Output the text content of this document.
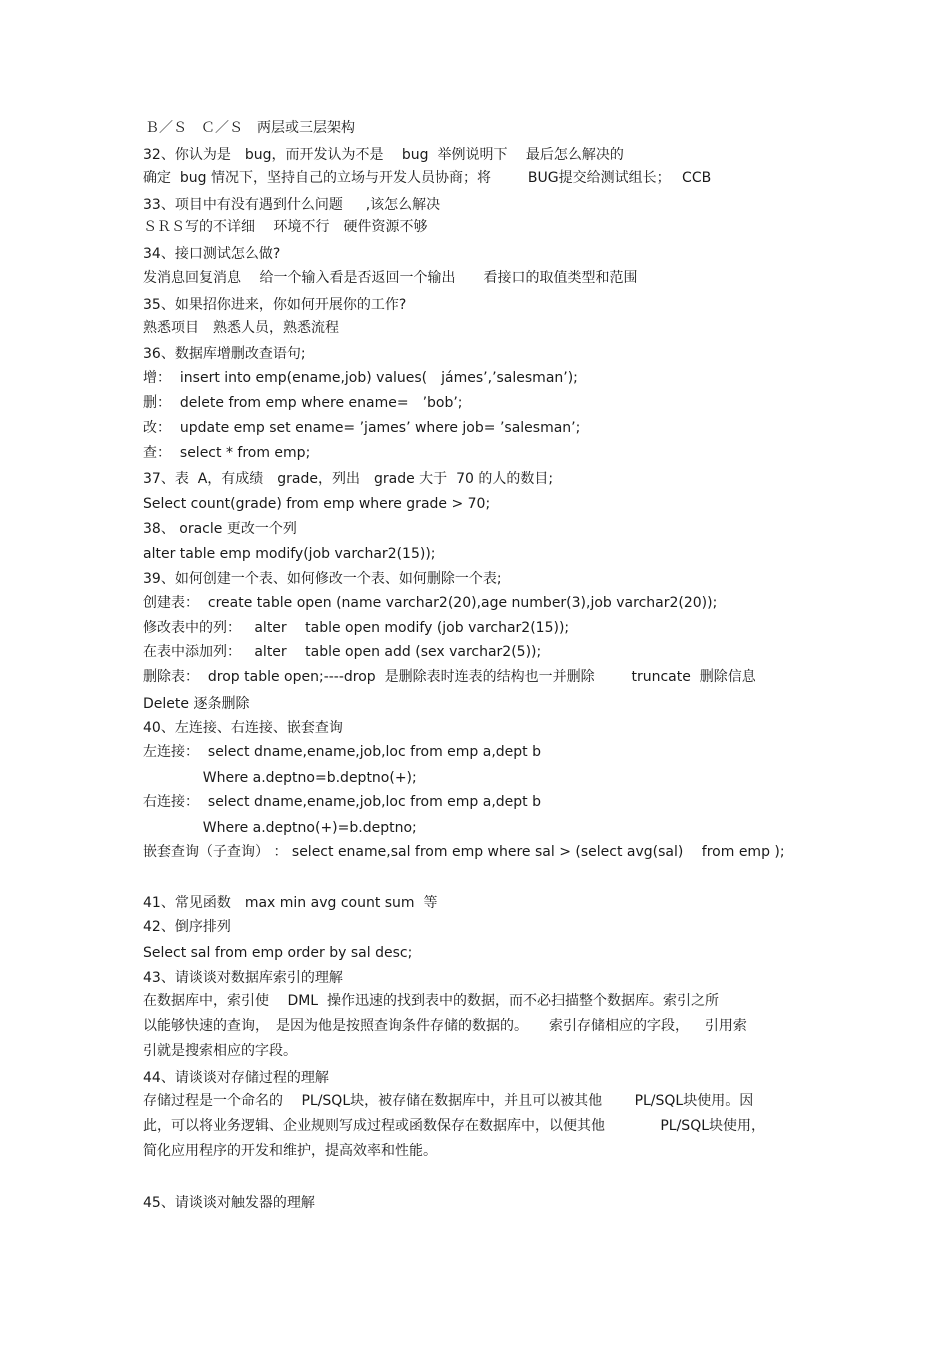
Ｂ／Ｓ　Ｃ／Ｓ　两层或三层架构
32、你认为是　bug，而开发认为不是　 bug  举例说明下　 最后怎么解决的
确定  bug 情况下，坚持自己的立场与开发人员协商；将　　  BUG提交给测试组长；　 CCB
33、项目中有没有遇到什么问题　  ,该怎么解决
ＳＲＳ写的不详细　 环境不行　硬件资源不够
34、接口测试怎么做?
发消息回复消息　 给一个输入看是否返回一个输出　　看接口的取值类型和范围
35、如果招你进来，你如何开展你的工作?
熟悉项目　熟悉人员，熟悉流程
36、数据库增删改查语句;
增：  insert into emp(ename,job) values(　jámes’,’salesman’);
删：  delete from emp where ename=　’bob’;
改：  update emp set ename= ’james’ where job= ’salesman’;
查：  select * from emp;
37、表  A，有成绩　grade，列出　grade 大于  70 的人的数目;
Select count(grade) from emp where grade > 70;
38、 oracle 更改一个列
alter table emp modify(job varchar2(15));
39、如何创建一个表、如何修改一个表、如何删除一个表;
创建表：  create table open (name varchar2(20),age number(3),job varchar2(20));
修改表中的列：   alter　 table open modify (job varchar2(15));
在表中添加列：   alter　 table open add (sex varchar2(5));
删除表：  drop table open;----drop  是删除表时连表的结构也一并删除　　  truncate  删除信息
Delete 逐条删除
40、左连接、右连接、嵌套查询
左连接：  select dname,ename,job,loc from emp a,dept b
　　　    Where a.deptno=b.deptno(+);
右连接：  select dname,ename,job,loc from emp a,dept b
　　　    Where a.deptno(+)=b.deptno;
嵌套查询（子查询） ： select ename,sal from emp where sal > (select avg(sal)　 from emp );
41、常见函数　max min avg count sum  等
42、倒序排列
Select sal from emp order by sal desc;
43、请谈谈对数据库索引的理解
在数据库中，索引使　 DML  操作迅速的找到表中的数据，而不必扫描整个数据库。索引之所
以能够快速的查询，　是因为他是按照查询条件存储的数据的。　　索引存储相应的字段，　  引用索
引就是搜索相应的字段。
44、请谈谈对存储过程的理解
存储过程是一个命名的　 PL/SQL块，被存储在数据库中，并且可以被其他　　 PL/SQL块使用。因
此，可以将业务逻辑、企业规则写成过程或函数保存在数据库中，以便其他　　　   PL/SQL块使用，
简化应用程序的开发和维护，提高效率和性能。
45、请谈谈对触发器的理解
